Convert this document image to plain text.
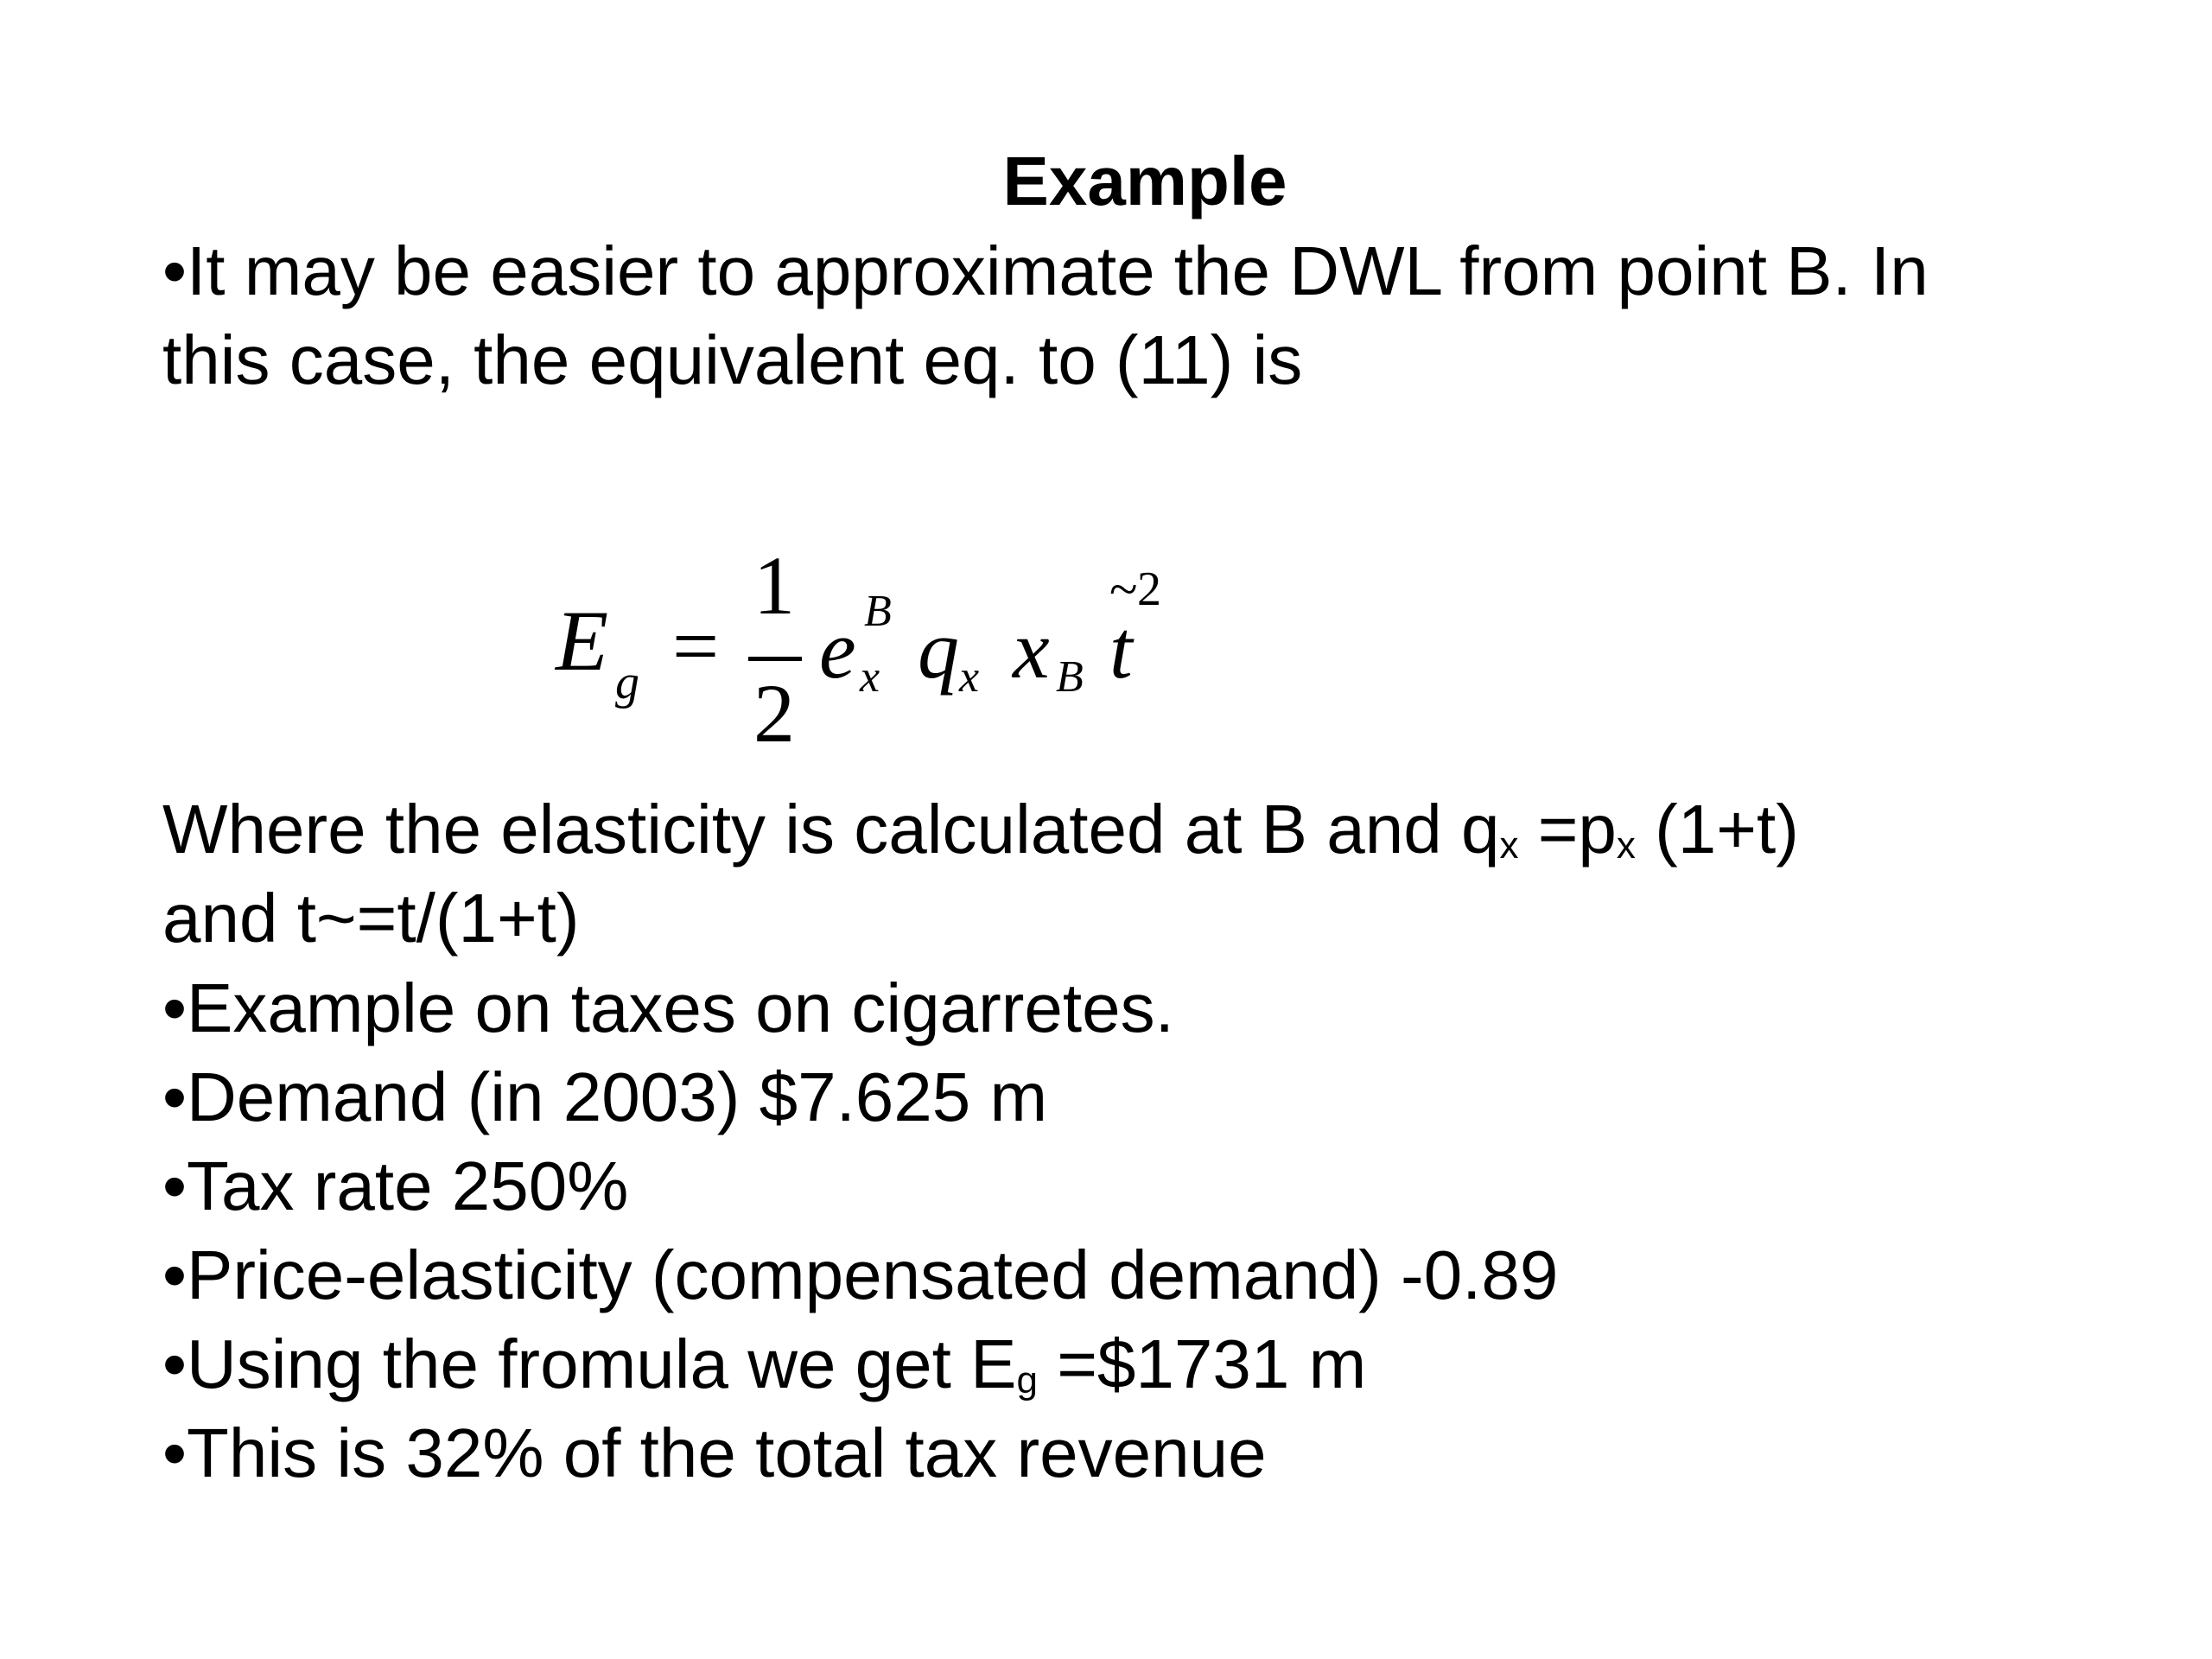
Example
•It may be easier to approximate the DWL from point B. In
this case, the equivalent eq. to (11) is
E g =
1
2
e B
x q x x B t
~ 2
Where the elasticity is calculated at B and qx =px (1+t)
and t~=t/(1+t)
•Example on taxes on cigarretes.
•Demand (in 2003) $7.625 m
•Tax rate 250%
•Price-elasticity (compensated demand) -0.89
•Using the fromula we get Eg =$1731 m
•This is 32% of the total tax revenue
